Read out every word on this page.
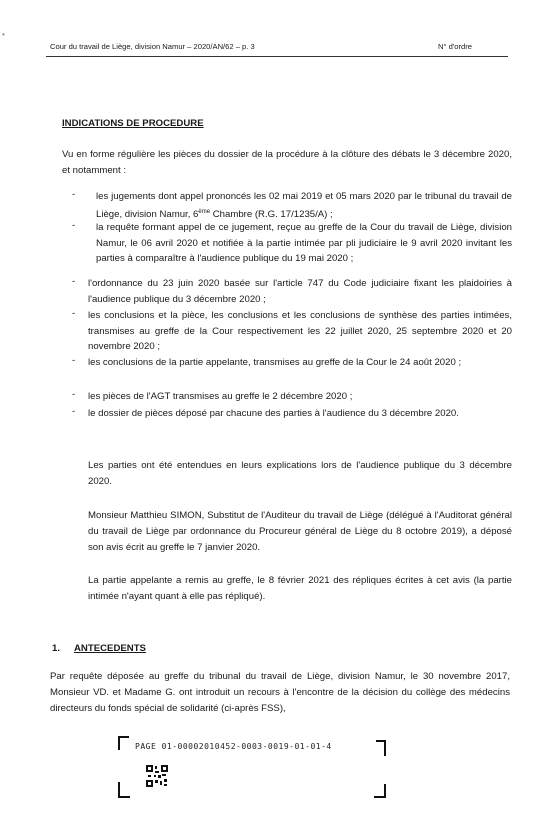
•
Cour du travail de Liège, division Namur – 2020/AN/62 – p. 3	N° d'ordre
INDICATIONS DE PROCEDURE
Vu en forme régulière les pièces du dossier de la procédure à la clôture des débats le 3 décembre 2020, et notamment :
- les jugements dont appel prononcés les 02 mai 2019 et 05 mars 2020 par le tribunal du travail de Liège, division Namur, 6ème Chambre (R.G. 17/1235/A) ;
- la requête formant appel de ce jugement, reçue au greffe de la Cour du travail de Liège, division Namur, le 06 avril 2020 et notifiée à la partie intimée par pli judiciaire le 9 avril 2020 invitant les parties à comparaître à l'audience publique du 19 mai 2020 ;
- l'ordonnance du 23 juin 2020 basée sur l'article 747 du Code judiciaire fixant les plaidoiries à l'audience publique du 3 décembre 2020 ;
- les conclusions et la pièce, les conclusions et les conclusions de synthèse des parties intimées, transmises au greffe de la Cour respectivement les 22 juillet 2020, 25 septembre 2020 et 20 novembre 2020 ;
- les conclusions de la partie appelante, transmises au greffe de la Cour le 24 août 2020 ;
- les pièces de l'AGT transmises au greffe le 2 décembre 2020 ;
- le dossier de pièces déposé par chacune des parties à l'audience du 3 décembre 2020.
Les parties ont été entendues en leurs explications lors de l'audience publique du 3 décembre 2020.
Monsieur Matthieu SIMON, Substitut de l'Auditeur du travail de Liège (délégué à l'Auditorat général du travail de Liège par ordonnance du Procureur général de Liège du 8 octobre 2019), a déposé son avis écrit au greffe le 7 janvier 2020.
La partie appelante a remis au greffe, le 8 février 2021 des répliques écrites à cet avis (la partie intimée n'ayant quant à elle pas répliqué).
1. ANTECEDENTS
Par requête déposée au greffe du tribunal du travail de Liège, division Namur, le 30 novembre 2017, Monsieur VD. et Madame G. ont introduit un recours à l'encontre de la décision du collège des médecins directeurs du fonds spécial de solidarité (ci-après FSS),
PAGE 01-00002010452-0003-0019-01-01-4
